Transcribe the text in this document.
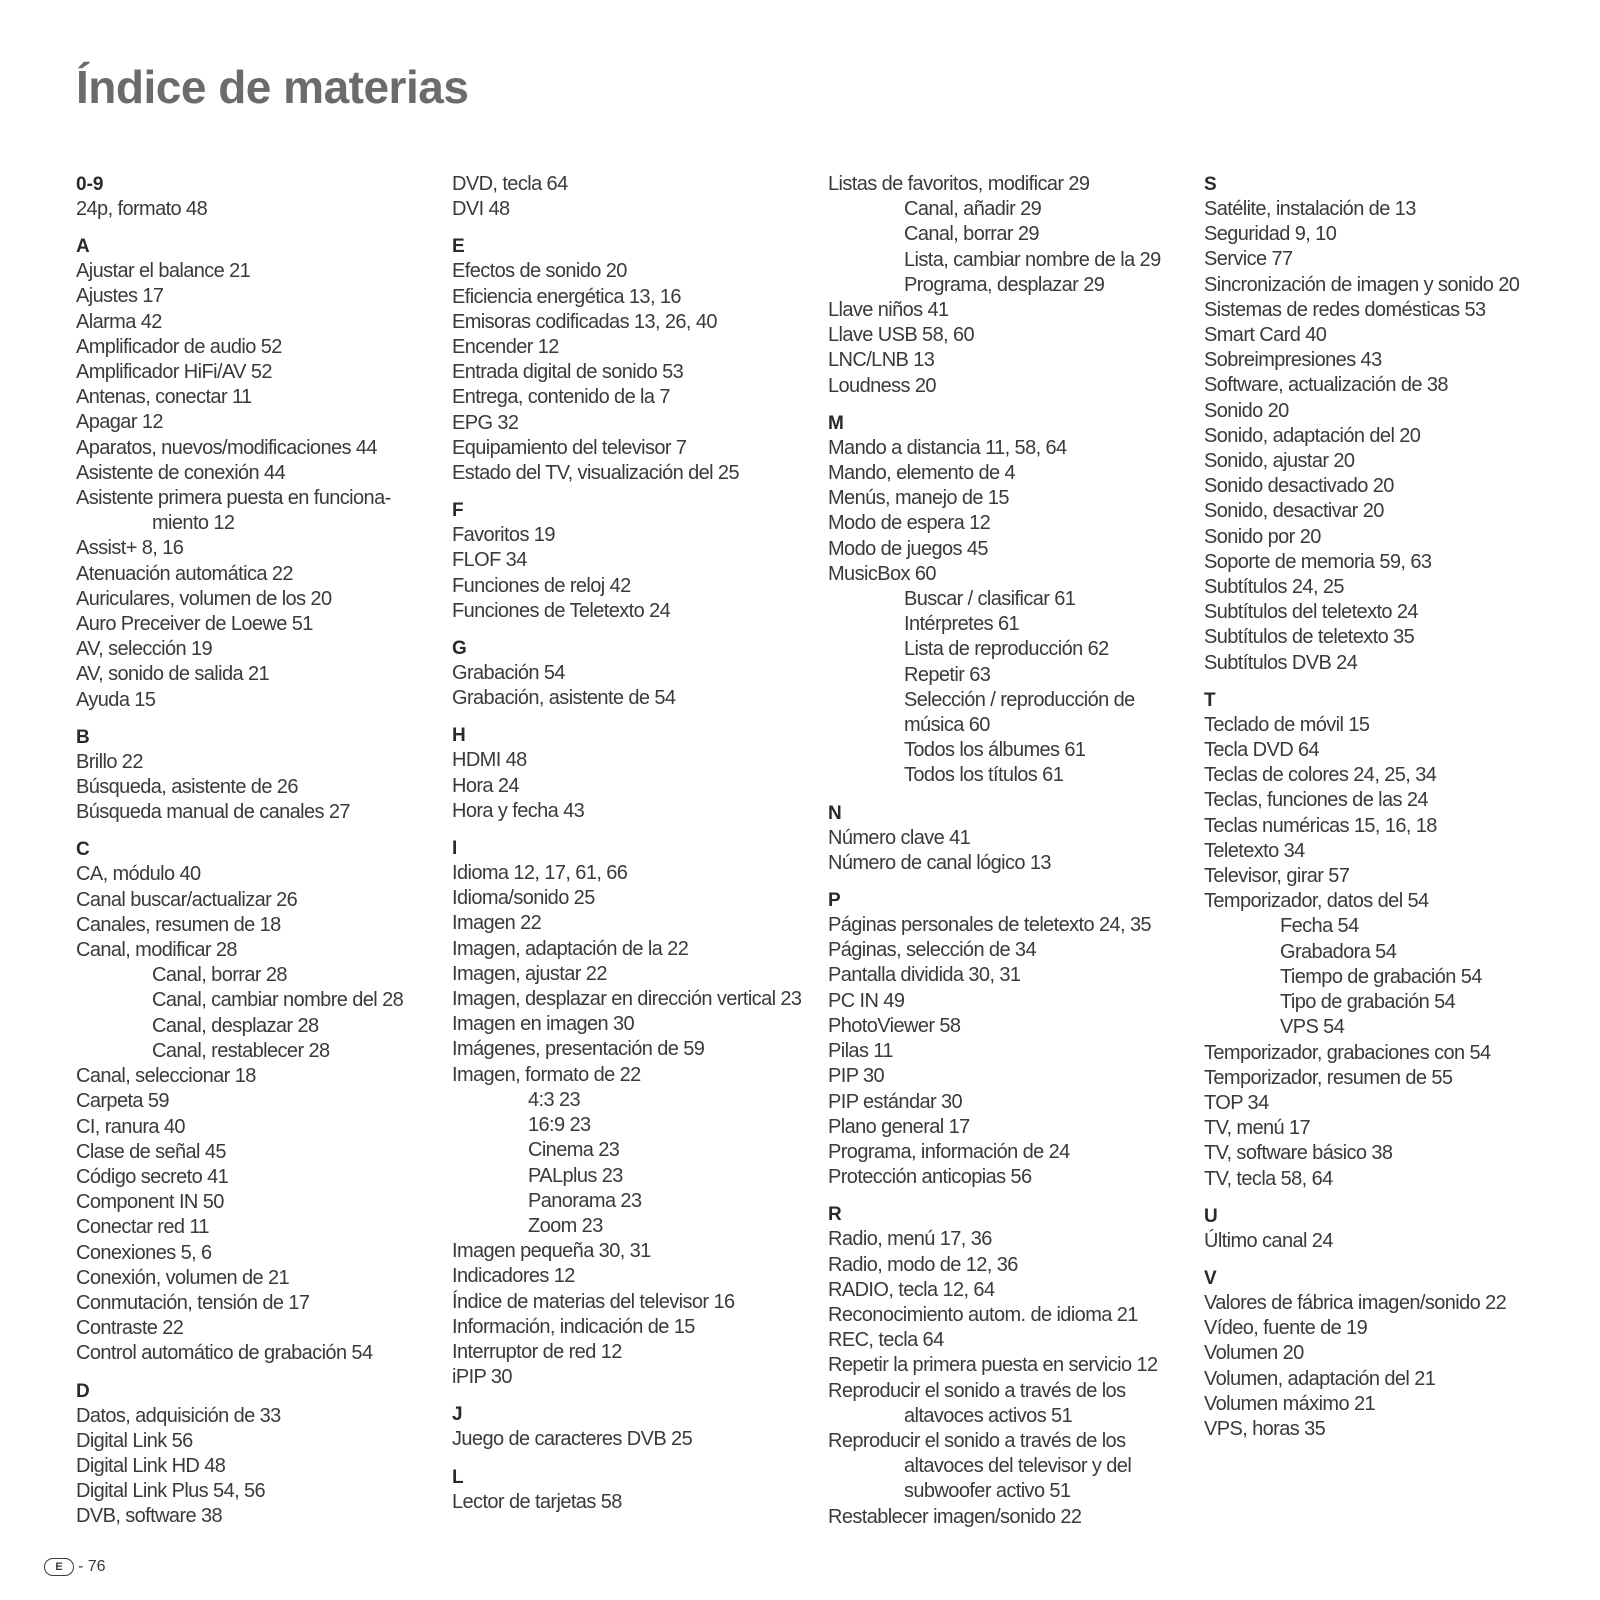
Índice de materias
0-9
24p, formato 48
A
Ajustar el balance 21
Ajustes 17
Alarma 42
Amplificador de audio 52
Amplificador HiFi/AV 52
Antenas, conectar 11
Apagar 12
Aparatos, nuevos/modificaciones 44
Asistente de conexión 44
Asistente primera puesta en funciona-
miento 12
Assist+ 8, 16
Atenuación automática 22
Auriculares, volumen de los 20
Auro Preceiver de Loewe 51
AV, selección 19
AV, sonido de salida 21
Ayuda 15
B
Brillo 22
Búsqueda, asistente de 26
Búsqueda manual de canales 27
C
CA, módulo 40
Canal buscar/actualizar 26
Canales, resumen de 18
Canal, modificar 28
Canal, borrar 28
Canal, cambiar nombre del 28
Canal, desplazar 28
Canal, restablecer 28
Canal, seleccionar 18
Carpeta 59
CI, ranura 40
Clase de señal 45
Código secreto 41
Component IN 50
Conectar red 11
Conexiones 5, 6
Conexión, volumen de 21
Conmutación, tensión de 17
Contraste 22
Control automático de grabación 54
D
Datos, adquisición de 33
Digital Link 56
Digital Link HD 48
Digital Link Plus 54, 56
DVB, software 38
DVD, tecla 64
DVI 48
E
Efectos de sonido 20
Eficiencia energética 13, 16
Emisoras codificadas 13, 26, 40
Encender 12
Entrada digital de sonido 53
Entrega, contenido de la 7
EPG 32
Equipamiento del televisor 7
Estado del TV, visualización del 25
F
Favoritos 19
FLOF 34
Funciones de reloj 42
Funciones de Teletexto 24
G
Grabación 54
Grabación, asistente de 54
H
HDMI 48
Hora 24
Hora y fecha 43
I
Idioma 12, 17, 61, 66
Idioma/sonido 25
Imagen 22
Imagen, adaptación de la 22
Imagen, ajustar 22
Imagen, desplazar en dirección vertical 23
Imagen en imagen 30
Imágenes, presentación de 59
Imagen, formato de 22
4:3 23
16:9 23
Cinema 23
PALplus 23
Panorama 23
Zoom 23
Imagen pequeña 30, 31
Indicadores 12
Índice de materias del televisor 16
Información, indicación de 15
Interruptor de red 12
iPIP 30
J
Juego de caracteres DVB 25
L
Lector de tarjetas 58
Listas de favoritos, modificar 29
Canal, añadir 29
Canal, borrar 29
Lista, cambiar nombre de la 29
Programa, desplazar 29
Llave niños 41
Llave USB 58, 60
LNC/LNB 13
Loudness 20
M
Mando a distancia 11, 58, 64
Mando, elemento de 4
Menús, manejo de 15
Modo de espera 12
Modo de juegos 45
MusicBox 60
Buscar / clasificar 61
Intérpretes 61
Lista de reproducción 62
Repetir 63
Selección / reproducción de
música 60
Todos los álbumes 61
Todos los títulos 61
N
Número clave 41
Número de canal lógico 13
P
Páginas personales de teletexto 24, 35
Páginas, selección de 34
Pantalla dividida 30, 31
PC IN 49
PhotoViewer 58
Pilas 11
PIP 30
PIP estándar 30
Plano general 17
Programa, información de 24
Protección anticopias 56
R
Radio, menú 17, 36
Radio, modo de 12, 36
RADIO, tecla 12, 64
Reconocimiento autom. de idioma 21
REC, tecla 64
Repetir la primera puesta en servicio 12
Reproducir el sonido a través de los
altavoces activos 51
Reproducir el sonido a través de los
altavoces del televisor y del
subwoofer activo 51
Restablecer imagen/sonido 22
S
Satélite, instalación de 13
Seguridad 9, 10
Service 77
Sincronización de imagen y sonido 20
Sistemas de redes domésticas 53
Smart Card 40
Sobreimpresiones 43
Software, actualización de 38
Sonido 20
Sonido, adaptación del 20
Sonido, ajustar 20
Sonido desactivado 20
Sonido, desactivar 20
Sonido por 20
Soporte de memoria 59, 63
Subtítulos 24, 25
Subtítulos del teletexto 24
Subtítulos de teletexto 35
Subtítulos DVB 24
T
Teclado de móvil 15
Tecla DVD 64
Teclas de colores 24, 25, 34
Teclas, funciones de las 24
Teclas numéricas 15, 16, 18
Teletexto 34
Televisor, girar 57
Temporizador, datos del 54
Fecha 54
Grabadora 54
Tiempo de grabación 54
Tipo de grabación 54
VPS 54
Temporizador, grabaciones con 54
Temporizador, resumen de 55
TOP 34
TV, menú 17
TV, software básico 38
TV, tecla 58, 64
U
Último canal 24
V
Valores de fábrica imagen/sonido 22
Vídeo, fuente de 19
Volumen 20
Volumen, adaptación del 21
Volumen máximo 21
VPS, horas 35
E - 76
